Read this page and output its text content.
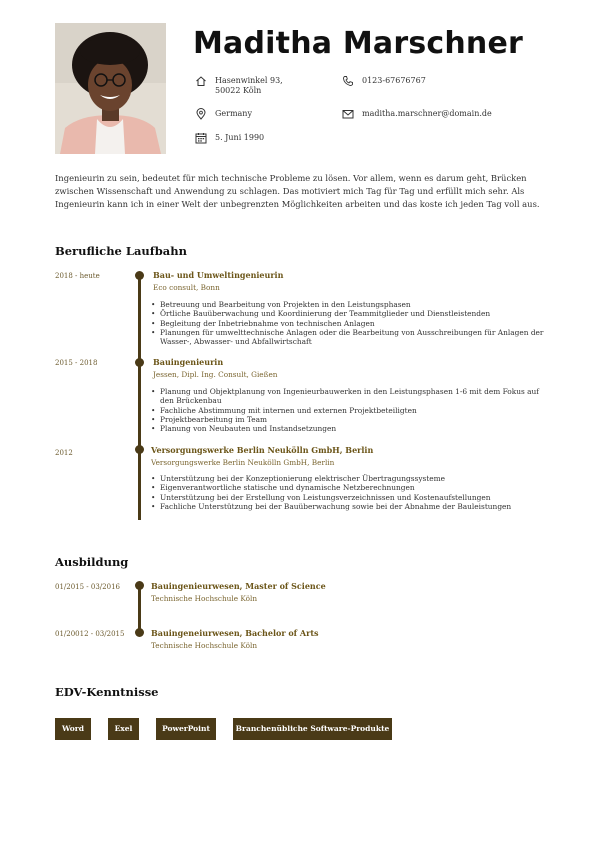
Maditha Marschner
Hasenwinkel 93,
50022 Köln
0123-67676767
Germany	maditha.marschner@domain.de
5. Juni 1990
Ingenieurin zu sein, bedeutet für mich technische Probleme zu lösen. Vor allem, wenn es darum geht, Brücken zwischen Wissenschaft und Anwendung zu schlagen. Das motiviert mich Tag für Tag und erfüllt mich sehr. Als Ingenieurin kann ich in einer Welt der unbegrenzten Möglichkeiten arbeiten und das koste ich jeden Tag voll aus.
Berufliche Laufbahn
2018 - heute	Bau- und Umweltingenieurin
Eco consult, Bonn
• Betreuung und Bearbeitung von Projekten in den Leistungsphasen
• Örtliche Bauüberwachung und Koordinierung der Teammitglieder und Dienstleistenden
• Begleitung der Inbetriebnahme von technischen Anlagen
• Planungen für umwelttechnische Anlagen oder die Bearbeitung von Ausschreibungen für Anlagen der Wasser-, Abwasser- und Abfallwirtschaft
2015 - 2018	Bauingenieurin
Jessen, Dipl. Ing. Consult, Gießen
• Planung und Objektplanung von Ingenieurbauwerken in den Leistungsphasen 1-6 mit dem Fokus auf den Brückenbau
• Fachliche Abstimmung mit internen und externen Projektbeteiligten
• Projektbearbeitung im Team
• Planung von Neubauten und Instandsetzungen
2012	Versorgungswerke Berlin Neukölln GmbH, Berlin
Versorgungswerke Berlin Neukölln GmbH, Berlin
• Unterstützung bei der Konzeptionierung elektrischer Übertragungssysteme
• Eigenverantwortliche statische und dynamische Netzberechnungen
• Unterstützung bei der Erstellung von Leistungsverzeichnissen und Kostenaufstellungen
• Fachliche Unterstützung bei der Bauüberwachung sowie bei der Abnahme der Bauleistungen
Ausbildung
01/2015 - 03/2016	Bauingenieurwesen, Master of Science
Technische Hochschule Köln
01/20012 - 03/2015	Bauingeneiurwesen, Bachelor of Arts
Technische Hochschule Köln
EDV-Kenntnisse
Word	Exel	PowerPoint	Branchenübliche Software-Produkte
